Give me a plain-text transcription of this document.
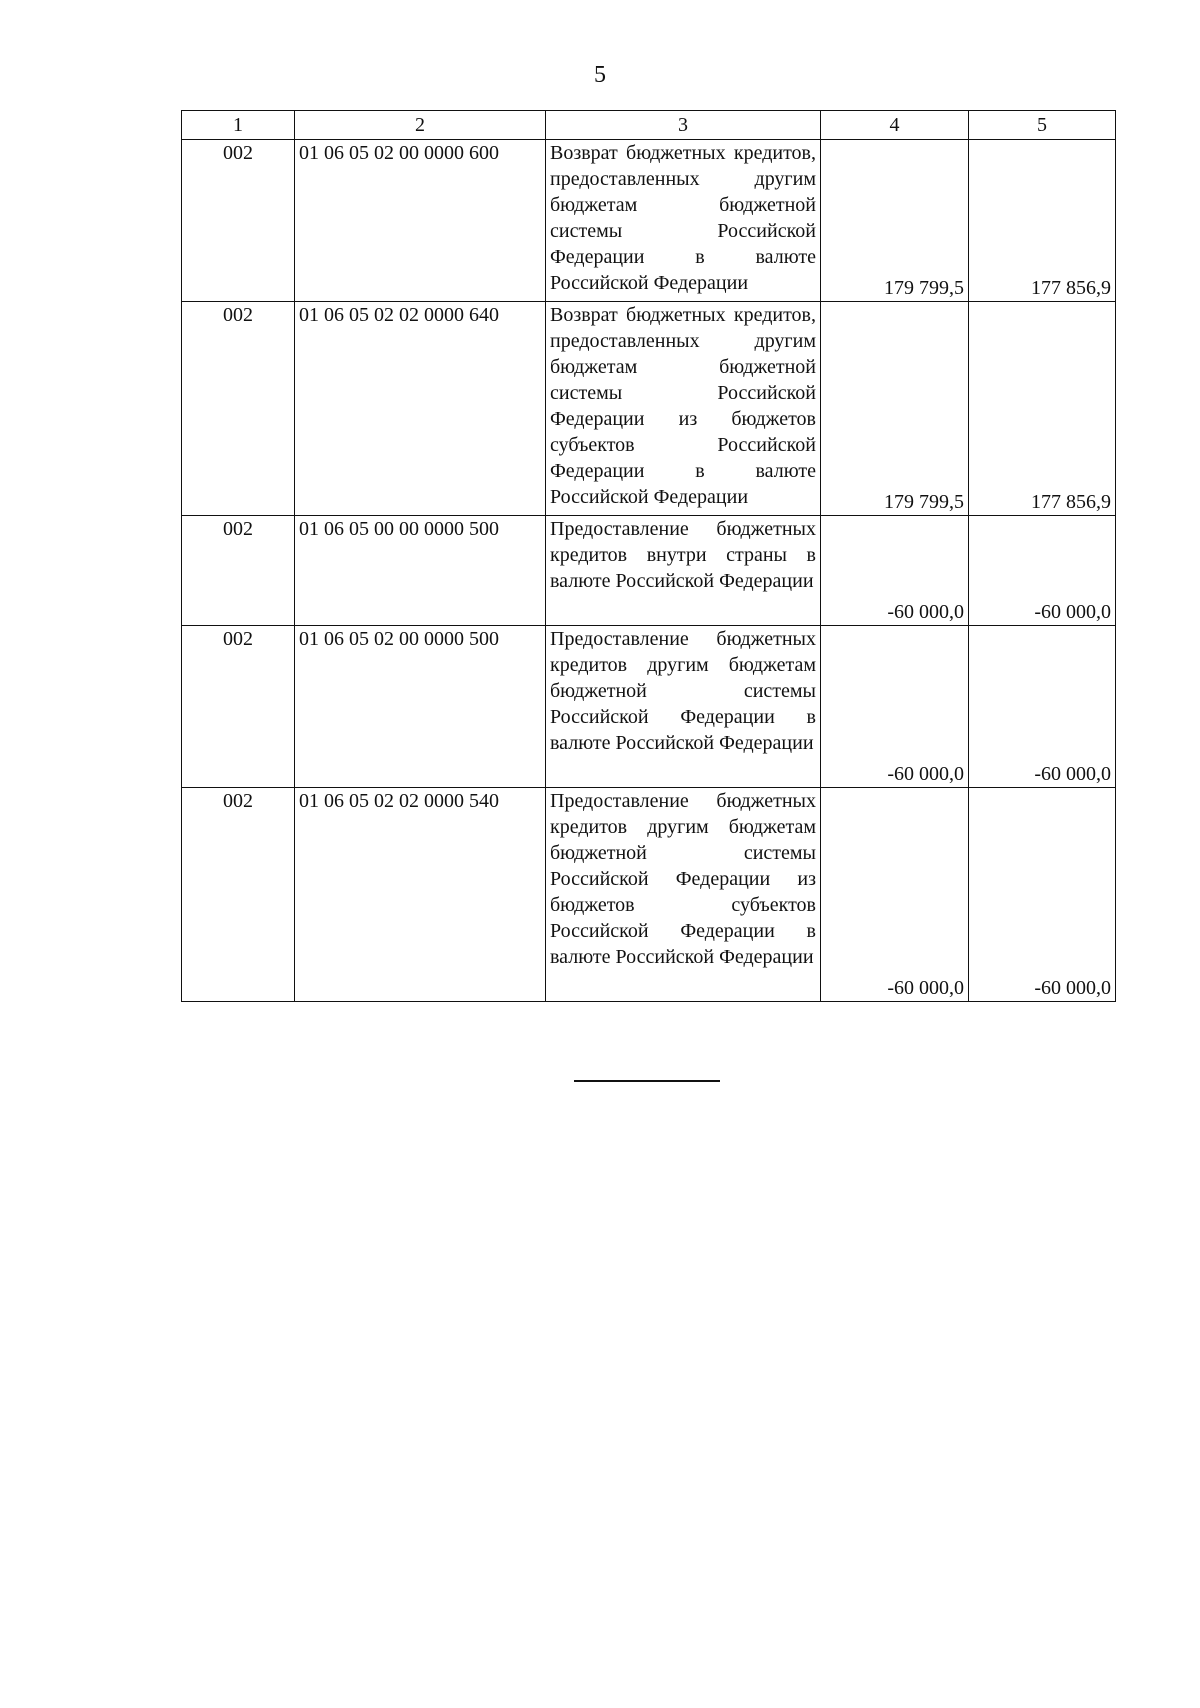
5
1	2	3	4	5
002	01 06 05 02 00 0000 600	Возврат бюджетных кредитов, предоставленных другим бюджетам бюджетной системы Российской Федерации в валюте Российской Федерации	179 799,5	177 856,9
002	01 06 05 02 02 0000 640	Возврат бюджетных кредитов, предоставленных другим бюджетам бюджетной системы Российской Федерации из бюджетов субъектов Российской Федерации в валюте Российской Федерации	179 799,5	177 856,9
002	01 06 05 00 00 0000 500	Предоставление бюджетных кредитов внутри страны в валюте Российской Федерации	-60 000,0	-60 000,0
002	01 06 05 02 00 0000 500	Предоставление бюджетных кредитов другим бюджетам бюджетной системы Российской Федерации в валюте Российской Федерации	-60 000,0	-60 000,0
002	01 06 05 02 02 0000 540	Предоставление бюджетных кредитов другим бюджетам бюджетной системы Российской Федерации из бюджетов субъектов Российской Федерации в валюте Российской Федерации	-60 000,0	-60 000,0
